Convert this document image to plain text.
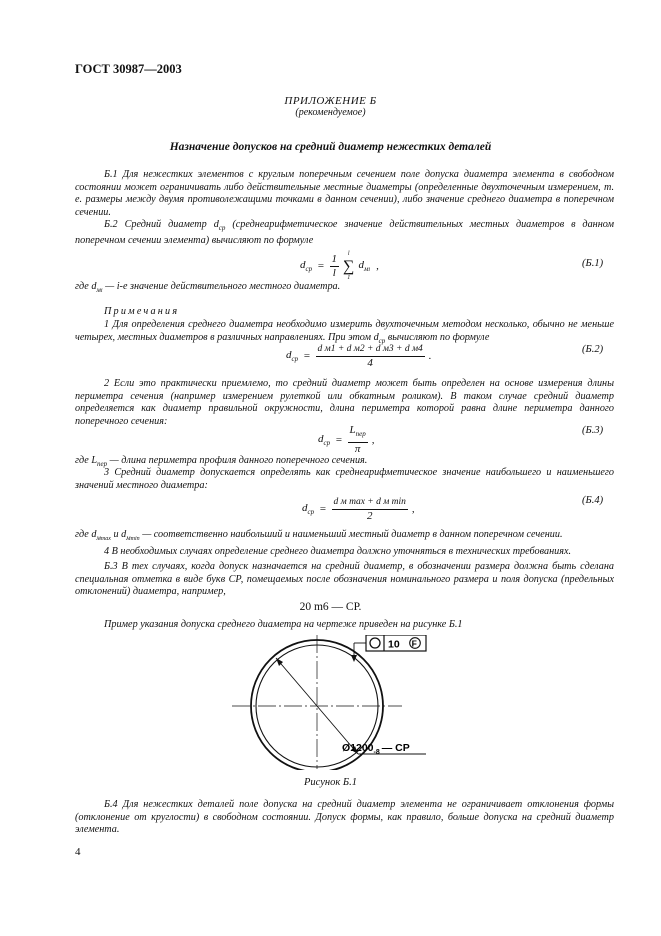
ГОСТ 30987—2003
ПРИЛОЖЕНИЕ Б
(рекомендуемое)
Назначение допусков на средний диаметр нежестких деталей
Б.1 Для нежестких элементов с круглым поперечным сечением поле допуска диаметра элемента в свободном состоянии может ограничивать либо действительные местные диаметры (определенные двухточечным измерением, т. е. размеры между двумя противолежащими точками в данном сечении), либо значение среднего диаметра в поперечном сечении.
Б.2 Средний диаметр $d_{ср}$ (среднеарифметическое значение действительных местных диаметров в данном поперечном сечении элемента) вычисляют по формуле
$d_{ср} = \frac{1}{l}$ l
∑
1
$d_{мi}$ ,	(Б.1)
где $d_{мi}$ — i-е значение действительного местного диаметра.
Примечания
1 Для определения среднего диаметра необходимо измерить двухточечным методом несколько, обычно не меньше четырех, местных диаметров в различных направлениях. При этом $d_{ср}$ вычисляют по формуле
$d_{ср} = \frac{\text{d м1 + d м2 + d м3 + d м4}}{4}$ .
(Б.2)
2 Если это практически приемлемо, то средний диаметр может быть определен на основе измерения длины периметра сечения (например измерением рулеткой или обкатным роликом). В таком случае средний диаметр определяется как диаметр правильной окружности, длина периметра которой равна длине периметра данного поперечного сечения:
$d_{ср} = \frac{L_{пер}}{\pi}$ ,
(Б.3)
где $L_{пер}$ — длина периметра профиля данного поперечного сечения.
3 Средний диаметр допускается определять как среднеарифметическое значение наибольшего и наименьшего значений местного диаметра:
$d_{ср} = \frac{\text{d м max + d м min}}{2}$ ,
(Б.4)
где $d_{мmax}$ и $d_{мmin}$ — соответственно наибольший и наименьший местный диаметр в данном поперечном сечении.
4 В необходимых случаях определение среднего диаметра должно уточняться в технических требованиях.
Б.3 В тех случаях, когда допуск назначается на средний диаметр, в обозначении размера должна быть сделана специальная отметка в виде букв СР, помещаемых после обозначения номинального размера и поля допуска (предельных отклонений) диаметра, например,
20 m6 — СР.
Пример указания допуска среднего диаметра на чертеже приведен на рисунке Б.1
10 F
$Ø1200_{-8}$ — СР
Рисунок Б.1
Б.4 Для нежестких деталей поле допуска на средний диаметр элемента не ограничивает отклонения формы (отклонение от круглости) в свободном состоянии. Допуск формы, как правило, больше допуска на средний диаметр элемента.
4
